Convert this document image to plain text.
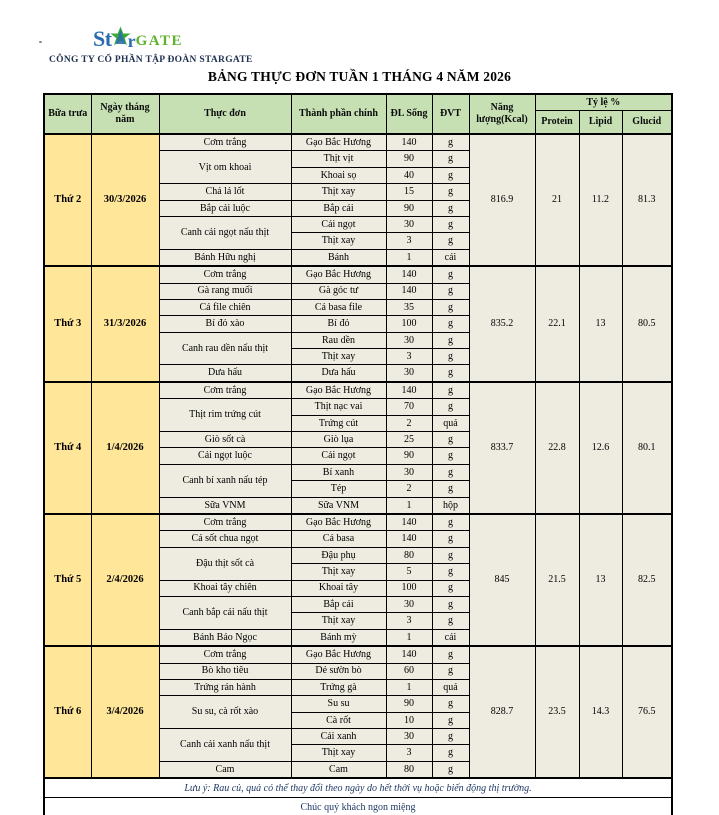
St r GATE
CÔNG TY CỔ PHẦN TẬP ĐOÀN STARGATE
BẢNG THỰC ĐƠN TUẦN 1 THÁNG 4 NĂM 2026
Bữa trưa	Ngày tháng năm	Thực đơn	Thành phần chính	ĐL Sống	ĐVT	Năng lượng(Kcal)	Tỷ lệ %		
							Protein	Lipid	Glucid
Thứ 2	30/3/2026	Cơm trắng	Gạo Bắc Hương	140	g	816.9	21	11.2	81.3
		Vịt om khoai	Thịt vịt	90	g				
			Khoai sọ	40	g				
		Chả lá lốt	Thịt xay	15	g				
		Bắp cải luộc	Bắp cải	90	g				
		Canh cải ngọt nấu thịt	Cải ngọt	30	g				
			Thịt xay	3	g				
		Bánh Hữu nghị	Bánh	1	cái				
Thứ 3	31/3/2026	Cơm trắng	Gạo Bắc Hương	140	g	835.2	22.1	13	80.5
		Gà rang muối	Gà góc tư	140	g				
		Cá file chiên	Cá basa file	35	g				
		Bí đỏ xào	Bí đỏ	100	g				
		Canh rau dền nấu thịt	Rau dền	30	g				
			Thịt xay	3	g				
		Dưa hấu	Dưa hấu	30	g				
Thứ 4	1/4/2026	Cơm trắng	Gạo Bắc Hương	140	g	833.7	22.8	12.6	80.1
		Thịt rim trứng cút	Thịt nạc vai	70	g				
			Trứng cút	2	quả				
		Giò sốt cà	Giò lụa	25	g				
		Cải ngọt luộc	Cải ngọt	90	g				
		Canh bí xanh nấu tép	Bí xanh	30	g				
			Tép	2	g				
		Sữa VNM	Sữa VNM	1	hộp				
Thứ 5	2/4/2026	Cơm trắng	Gạo Bắc Hương	140	g	845	21.5	13	82.5
		Cá sốt chua ngọt	Cá basa	140	g				
		Đậu thịt sốt cà	Đậu phụ	80	g				
			Thịt xay	5	g				
		Khoai tây chiên	Khoai tây	100	g				
		Canh bắp cải nấu thịt	Bắp cải	30	g				
			Thịt xay	3	g				
		Bánh Bảo Ngọc	Bánh mỳ	1	cái				
Thứ 6	3/4/2026	Cơm trắng	Gạo Bắc Hương	140	g	828.7	23.5	14.3	76.5
		Bò kho tiêu	Dẻ sườn bò	60	g				
		Trứng rán hành	Trứng gà	1	quả				
		Su su, cà rốt xào	Su su	90	g				
			Cà rốt	10	g				
		Canh cải xanh nấu thịt	Cải xanh	30	g				
			Thịt xay	3	g				
		Cam	Cam	80	g				
Lưu ý: Rau củ, quả có thể thay đổi theo ngày do hết thời vụ hoặc biến động thị trường.									
Chúc quý khách ngon miệng									
